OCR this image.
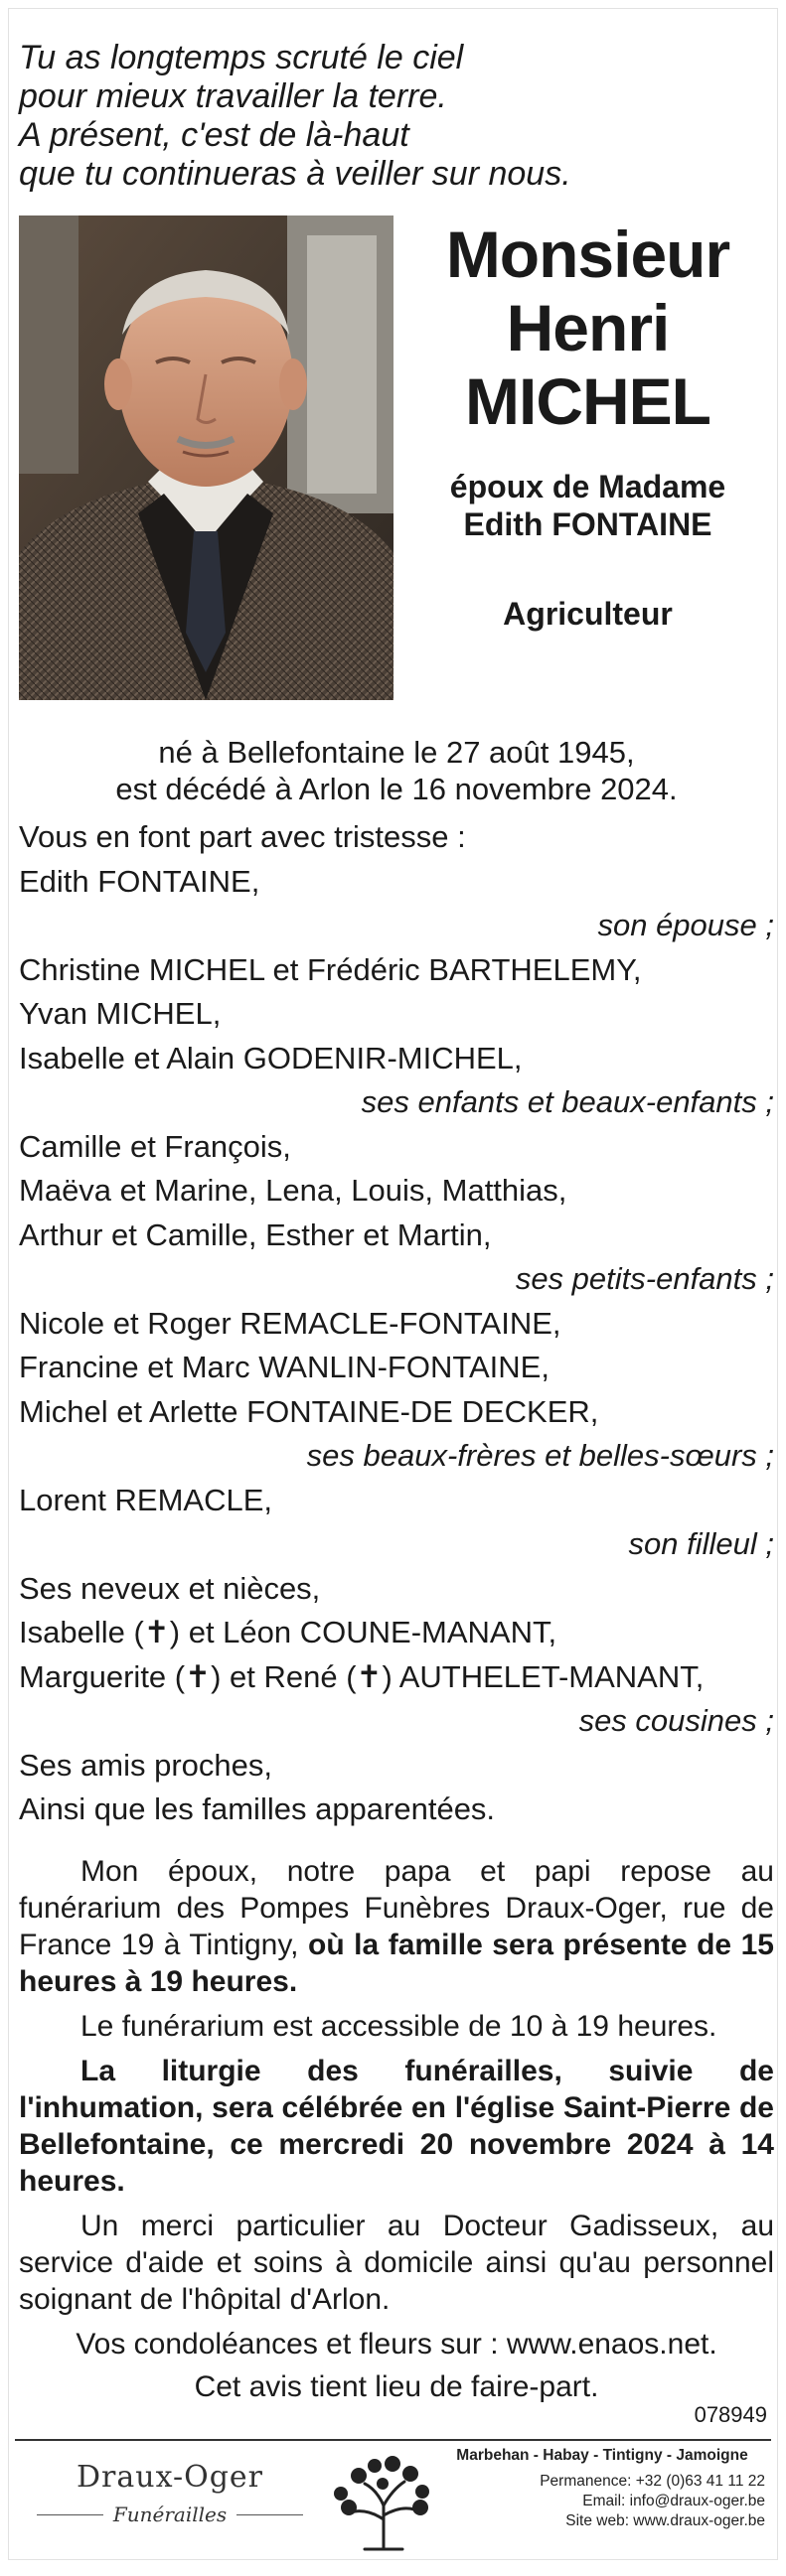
Tu as longtemps scruté le ciel
pour mieux travailler la terre.
A présent, c'est de là-haut
que tu continueras à veiller sur nous.
Monsieur
Henri
MICHEL
époux de Madame
Edith FONTAINE
Agriculteur
né à Bellefontaine le 27 août 1945,
est décédé à Arlon le 16 novembre 2024.
Vous en font part avec tristesse :
Edith FONTAINE,
son épouse ;
Christine MICHEL et Frédéric BARTHELEMY,
Yvan MICHEL,
Isabelle et Alain GODENIR-MICHEL,
ses enfants et beaux-enfants ;
Camille et François,
Maëva et Marine, Lena, Louis, Matthias,
Arthur et Camille, Esther et Martin,
ses petits-enfants ;
Nicole et Roger REMACLE-FONTAINE,
Francine et Marc WANLIN-FONTAINE,
Michel et Arlette FONTAINE-DE DECKER,
ses beaux-frères et belles-sœurs ;
Lorent REMACLE,
son filleul ;
Ses neveux et nièces,
Isabelle (✝) et Léon COUNE-MANANT,
Marguerite (✝) et René (✝) AUTHELET-MANANT,
ses cousines ;
Ses amis proches,
Ainsi que les familles apparentées.

Mon époux, notre papa et papi repose au funérarium des Pompes Funèbres Draux-Oger, rue de France 19 à Tintigny, où la famille sera présente de 15 heures à 19 heures.

Le funérarium est accessible de 10 à 19 heures.

La liturgie des funérailles, suivie de l'inhumation, sera célébrée en l'église Saint-Pierre de Bellefontaine, ce mercredi 20 novembre 2024 à 14 heures.

Un merci particulier au Docteur Gadisseux, au service d'aide et soins à domicile ainsi qu'au personnel soignant de l'hôpital d'Arlon.

Vos condoléances et fleurs sur : www.enaos.net.

Cet avis tient lieu de faire-part.

078949
Draux-Oger
Funérailles
Marbehan - Habay - Tintigny - Jamoigne
Permanence: +32 (0)63 41 11 22
Email: info@draux-oger.be
Site web: www.draux-oger.be
